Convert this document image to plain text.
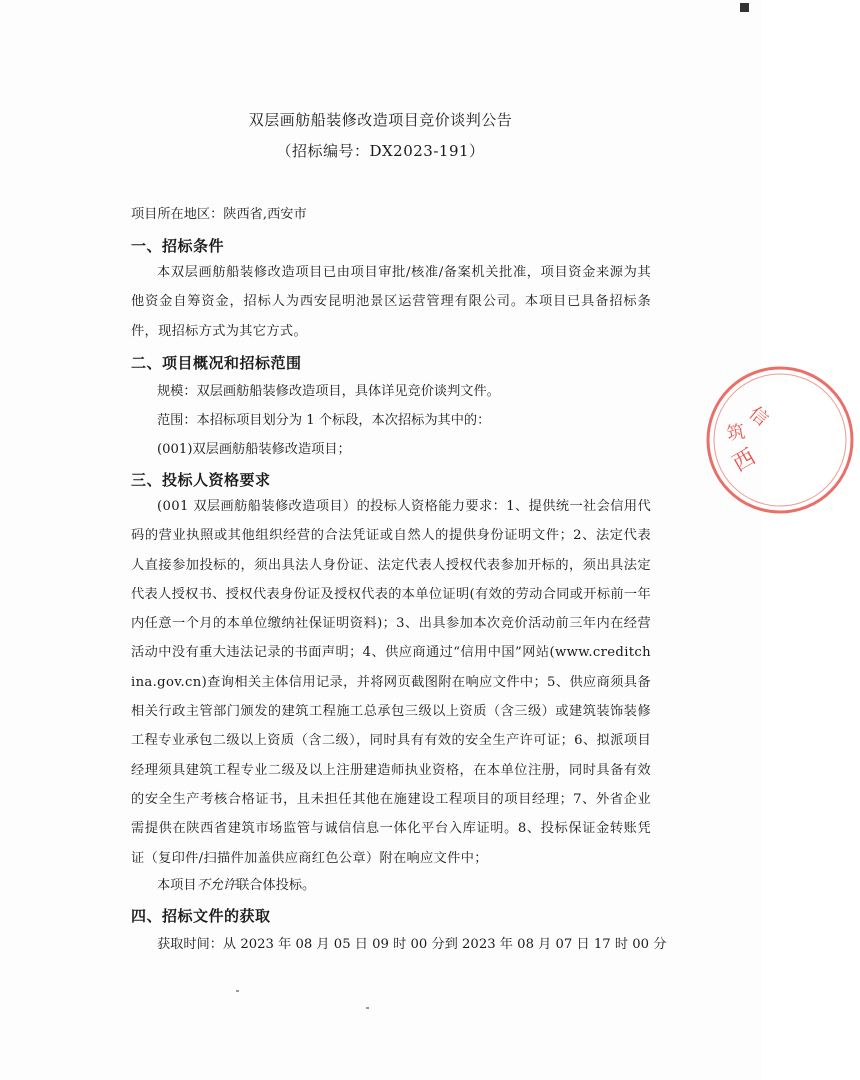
双层画舫船装修改造项目竞价谈判公告
（招标编号：DX2023-191）
项目所在地区：陕西省,西安市
一、招标条件
本双层画舫船装修改造项目已由项目审批/核准/备案机关批准，项目资金来源为其他资金自筹资金，招标人为西安昆明池景区运营管理有限公司。本项目已具备招标条件，现招标方式为其它方式。
二、项目概况和招标范围
规模：双层画舫船装修改造项目，具体详见竞价谈判文件。
范围：本招标项目划分为 1 个标段，本次招标为其中的：
(001)双层画舫船装修改造项目；
三、投标人资格要求
(001 双层画舫船装修改造项目）的投标人资格能力要求：1、提供统一社会信用代码的营业执照或其他组织经营的合法凭证或自然人的提供身份证明文件；2、法定代表人直接参加投标的，须出具法人身份证、法定代表人授权代表参加开标的，须出具法定代表人授权书、授权代表身份证及授权代表的本单位证明(有效的劳动合同或开标前一年内任意一个月的本单位缴纳社保证明资料)；3、出具参加本次竞价活动前三年内在经营活动中没有重大违法记录的书面声明；4、供应商通过“信用中国”网站(www.creditchina.gov.cn)查询相关主体信用记录，并将网页截图附在响应文件中；5、供应商须具备相关行政主管部门颁发的建筑工程施工总承包三级以上资质（含三级）或建筑装饰装修工程专业承包二级以上资质（含二级），同时具有有效的安全生产许可证；6、拟派项目经理须具建筑工程专业二级及以上注册建造师执业资格，在本单位注册，同时具备有效的安全生产考核合格证书，且未担任其他在施建设工程项目的项目经理；7、外省企业需提供在陕西省建筑市场监管与诚信信息一体化平台入库证明。8、投标保证金转账凭证（复印件/扫描件加盖供应商红色公章）附在响应文件中；
本项目不允许联合体投标。
四、招标文件的获取
获取时间：从 2023 年 08 月 05 日 09 时 00 分到 2023 年 08 月 07 日 17 时 00 分
信
筑
西
